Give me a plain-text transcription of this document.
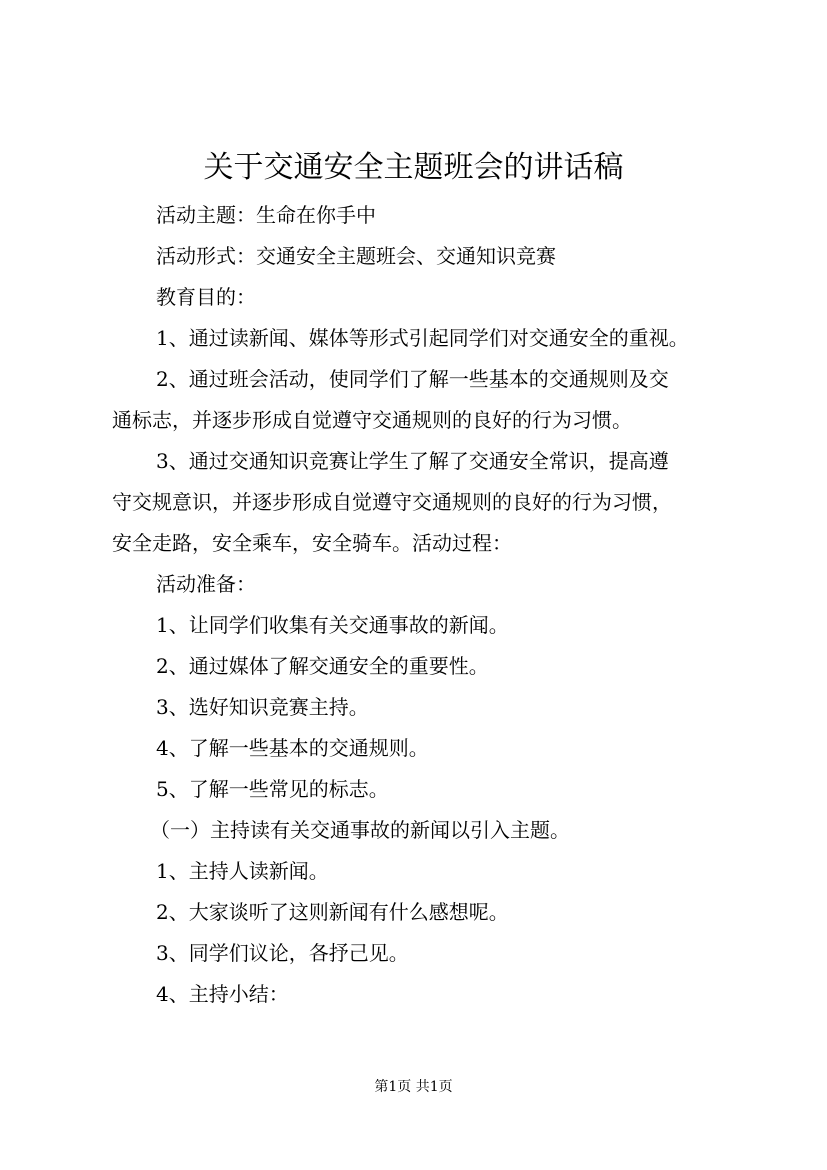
关于交通安全主题班会的讲话稿

活动主题：生命在你手中

活动形式：交通安全主题班会、交通知识竞赛

教育目的：

1、通过读新闻、媒体等形式引起同学们对交通安全的重视。

2、通过班会活动，使同学们了解一些基本的交通规则及交

通标志，并逐步形成自觉遵守交通规则的良好的行为习惯。

3、通过交通知识竞赛让学生了解了交通安全常识，提高遵

守交规意识，并逐步形成自觉遵守交通规则的良好的行为习惯，

安全走路，安全乘车，安全骑车。活动过程：

活动准备：

1、让同学们收集有关交通事故的新闻。

2、通过媒体了解交通安全的重要性。

3、选好知识竞赛主持。

4、了解一些基本的交通规则。

5、了解一些常见的标志。

（一）主持读有关交通事故的新闻以引入主题。

1、主持人读新闻。

2、大家谈听了这则新闻有什么感想呢。

3、同学们议论，各抒己见。

4、主持小结：

第1页 共1页
